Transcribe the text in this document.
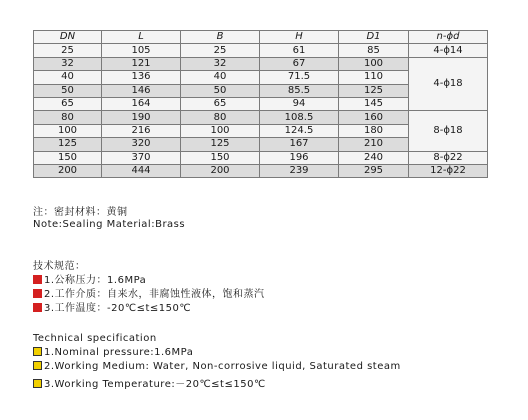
DN	L	B	H	D1	n-ϕd
25	105	25	61	85	4-ϕ14
32	121	32	67	100	4-ϕ18
40	136	40	71.5	110	
50	146	50	85.5	125	
65	164	65	94	145	
80	190	80	108.5	160	8-ϕ18
100	216	100	124.5	180	
125	320	125	167	210	
150	370	150	196	240	8-ϕ22
200	444	200	239	295	12-ϕ22
注：密封材料：黄铜
Note:Sealing Material:Brass
技术规范：
1.公称压力：1.6MPa
2.工作介质：自来水，非腐蚀性液体，饱和蒸汽
3.工作温度：-20℃≤t≤150℃
Technical specification
1.Nominal pressure:1.6MPa
2.Working Medium: Water, Non-corrosive liquid, Saturated steam
3.Working Temperature:－20℃≤t≤150℃
